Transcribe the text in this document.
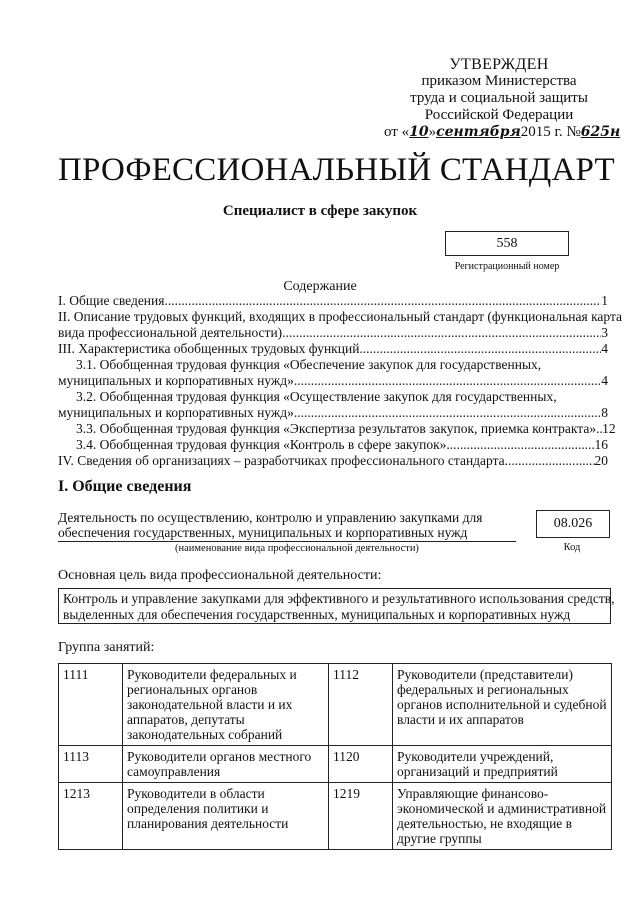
УТВЕРЖДЕН
приказом Министерства
труда и социальной защиты
Российской Федерации
от «10»сентября2015 г. №625н
ПРОФЕССИОНАЛЬНЫЙ СТАНДАРТ
Специалист в сфере закупок
558
Регистрационный номер
Содержание
I. Общие сведения .....	1
II. Описание трудовых функций, входящих в профессиональный стандарт (функциональная карта
вида профессиональной деятельности) .....	3
III. Характеристика обобщенных трудовых функций .....	4
3.1. Обобщенная трудовая функция «Обеспечение закупок для государственных,
муниципальных и корпоративных нужд» .....	4
3.2. Обобщенная трудовая функция «Осуществление закупок для государственных,
муниципальных и корпоративных нужд» .....	8
3.3. Обобщенная трудовая функция «Экспертиза результатов закупок, приемка контракта» ..... 12
3.4. Обобщенная трудовая функция «Контроль в сфере закупок» .....	16
IV. Сведения об организациях – разработчиках профессионального стандарта .....	20
I. Общие сведения
Деятельность по осуществлению, контролю и управлению закупками для
обеспечения государственных, муниципальных и корпоративных нужд
(наименование вида профессиональной деятельности)
08.026
Код
Основная цель вида профессиональной деятельности:
Контроль и управление закупками для эффективного и результативного использования средств,
выделенных для обеспечения государственных, муниципальных и корпоративных нужд
Группа занятий:
1111	Руководители федеральных и региональных органов законодательной власти и их аппаратов, депутаты законодательных собраний	1112	Руководители (представители) федеральных и региональных органов исполнительной и судебной власти и их аппаратов
1113	Руководители органов местного самоуправления	1120	Руководители учреждений, организаций и предприятий
1213	Руководители в области определения политики и планирования деятельности	1219	Управляющие финансово-экономической и административной деятельностью, не входящие в другие группы
